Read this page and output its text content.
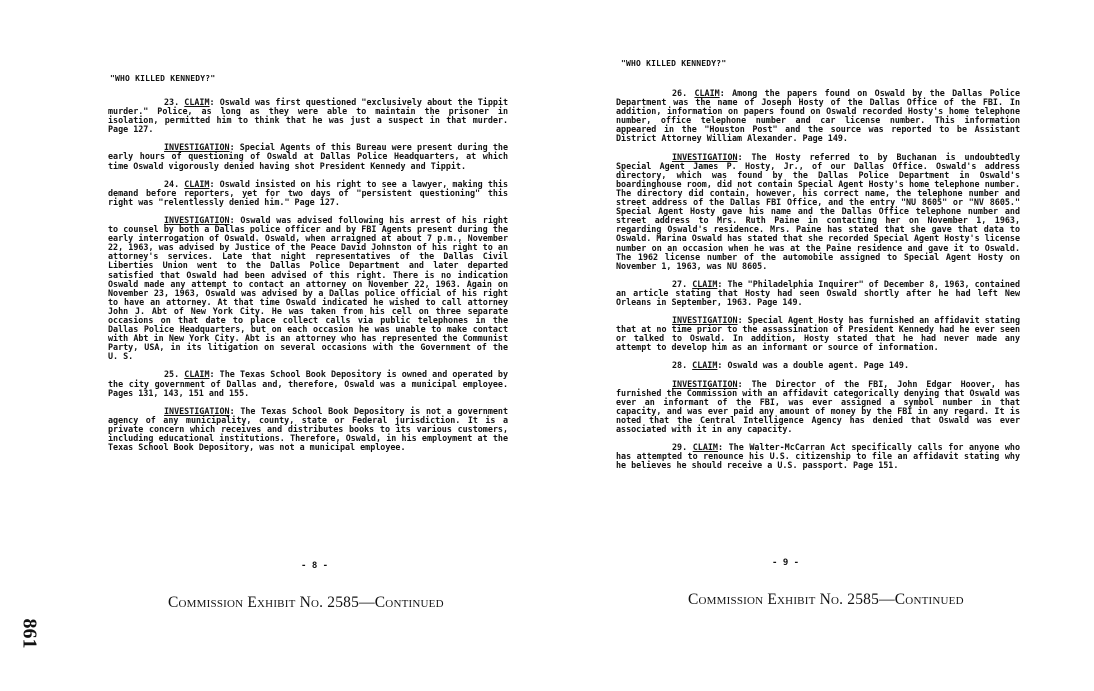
861
"WHO KILLED KENNEDY?"

23. CLAIM: Oswald was first questioned "exclusively about the Tippit murder." Police, as long as they were able to maintain the prisoner in isolation, permitted him to think that he was just a suspect in that murder. Page 127.

INVESTIGATION: Special Agents of this Bureau were present during the early hours of questioning of Oswald at Dallas Police Headquarters, at which time Oswald vigorously denied having shot President Kennedy and Tippit.

24. CLAIM: Oswald insisted on his right to see a lawyer, making this demand before reporters, yet for two days of "persistent questioning" this right was "relentlessly denied him." Page 127.

INVESTIGATION: Oswald was advised following his arrest of his right to counsel by both a Dallas police officer and by FBI Agents present during the early interrogation of Oswald. Oswald, when arraigned at about 7 p.m., November 22, 1963, was advised by Justice of the Peace David Johnston of his right to an attorney's services. Late that night representatives of the Dallas Civil Liberties Union went to the Dallas Police Department and later departed satisfied that Oswald had been advised of this right. There is no indication Oswald made any attempt to contact an attorney on November 22, 1963. Again on November 23, 1963, Oswald was advised by a Dallas police official of his right to have an attorney. At that time Oswald indicated he wished to call attorney John J. Abt of New York City. He was taken from his cell on three separate occasions on that date to place collect calls via public telephones in the Dallas Police Headquarters, but on each occasion he was unable to make contact with Abt in New York City. Abt is an attorney who has represented the Communist Party, USA, in its litigation on several occasions with the Government of the U. S.

25. CLAIM: The Texas School Book Depository is owned and operated by the city government of Dallas and, therefore, Oswald was a municipal employee. Pages 131, 143, 151 and 155.

INVESTIGATION: The Texas School Book Depository is not a government agency of any municipality, county, state or Federal jurisdiction. It is a private concern which receives and distributes books to its various customers, including educational institutions. Therefore, Oswald, in his employment at the Texas School Book Depository, was not a municipal employee.

- 8 -
Commission Exhibit No. 2585—Continued
"WHO KILLED KENNEDY?"

26. CLAIM: Among the papers found on Oswald by the Dallas Police Department was the name of Joseph Hosty of the Dallas Office of the FBI. In addition, information on papers found on Oswald recorded Hosty's home telephone number, office telephone number and car license number. This information appeared in the "Houston Post" and the source was reported to be Assistant District Attorney William Alexander. Page 149.

INVESTIGATION: The Hosty referred to by Buchanan is undoubtedly Special Agent James P. Hosty, Jr., of our Dallas Office. Oswald's address directory, which was found by the Dallas Police Department in Oswald's boardinghouse room, did not contain Special Agent Hosty's home telephone number. The directory did contain, however, his correct name, the telephone number and street address of the Dallas FBI Office, and the entry "NU 8605" or "NV 8605." Special Agent Hosty gave his name and the Dallas Office telephone number and street address to Mrs. Ruth Paine in contacting her on November 1, 1963, regarding Oswald's residence. Mrs. Paine has stated that she gave that data to Oswald. Marina Oswald has stated that she recorded Special Agent Hosty's license number on an occasion when he was at the Paine residence and gave it to Oswald. The 1962 license number of the automobile assigned to Special Agent Hosty on November 1, 1963, was NU 8605.

27. CLAIM: The "Philadelphia Inquirer" of December 8, 1963, contained an article stating that Hosty had seen Oswald shortly after he had left New Orleans in September, 1963. Page 149.

INVESTIGATION: Special Agent Hosty has furnished an affidavit stating that at no time prior to the assassination of President Kennedy had he ever seen or talked to Oswald. In addition, Hosty stated that he had never made any attempt to develop him as an informant or source of information.

28. CLAIM: Oswald was a double agent. Page 149.

INVESTIGATION: The Director of the FBI, John Edgar Hoover, has furnished the Commission with an affidavit categorically denying that Oswald was ever an informant of the FBI, was ever assigned a symbol number in that capacity, and was ever paid any amount of money by the FBI in any regard. It is noted that the Central Intelligence Agency has denied that Oswald was ever associated with it in any capacity.

29. CLAIM: The Walter-McCarran Act specifically calls for anyone who has attempted to renounce his U.S. citizenship to file an affidavit stating why he believes he should receive a U.S. passport. Page 151.

- 9 -
Commission Exhibit No. 2585—Continued
